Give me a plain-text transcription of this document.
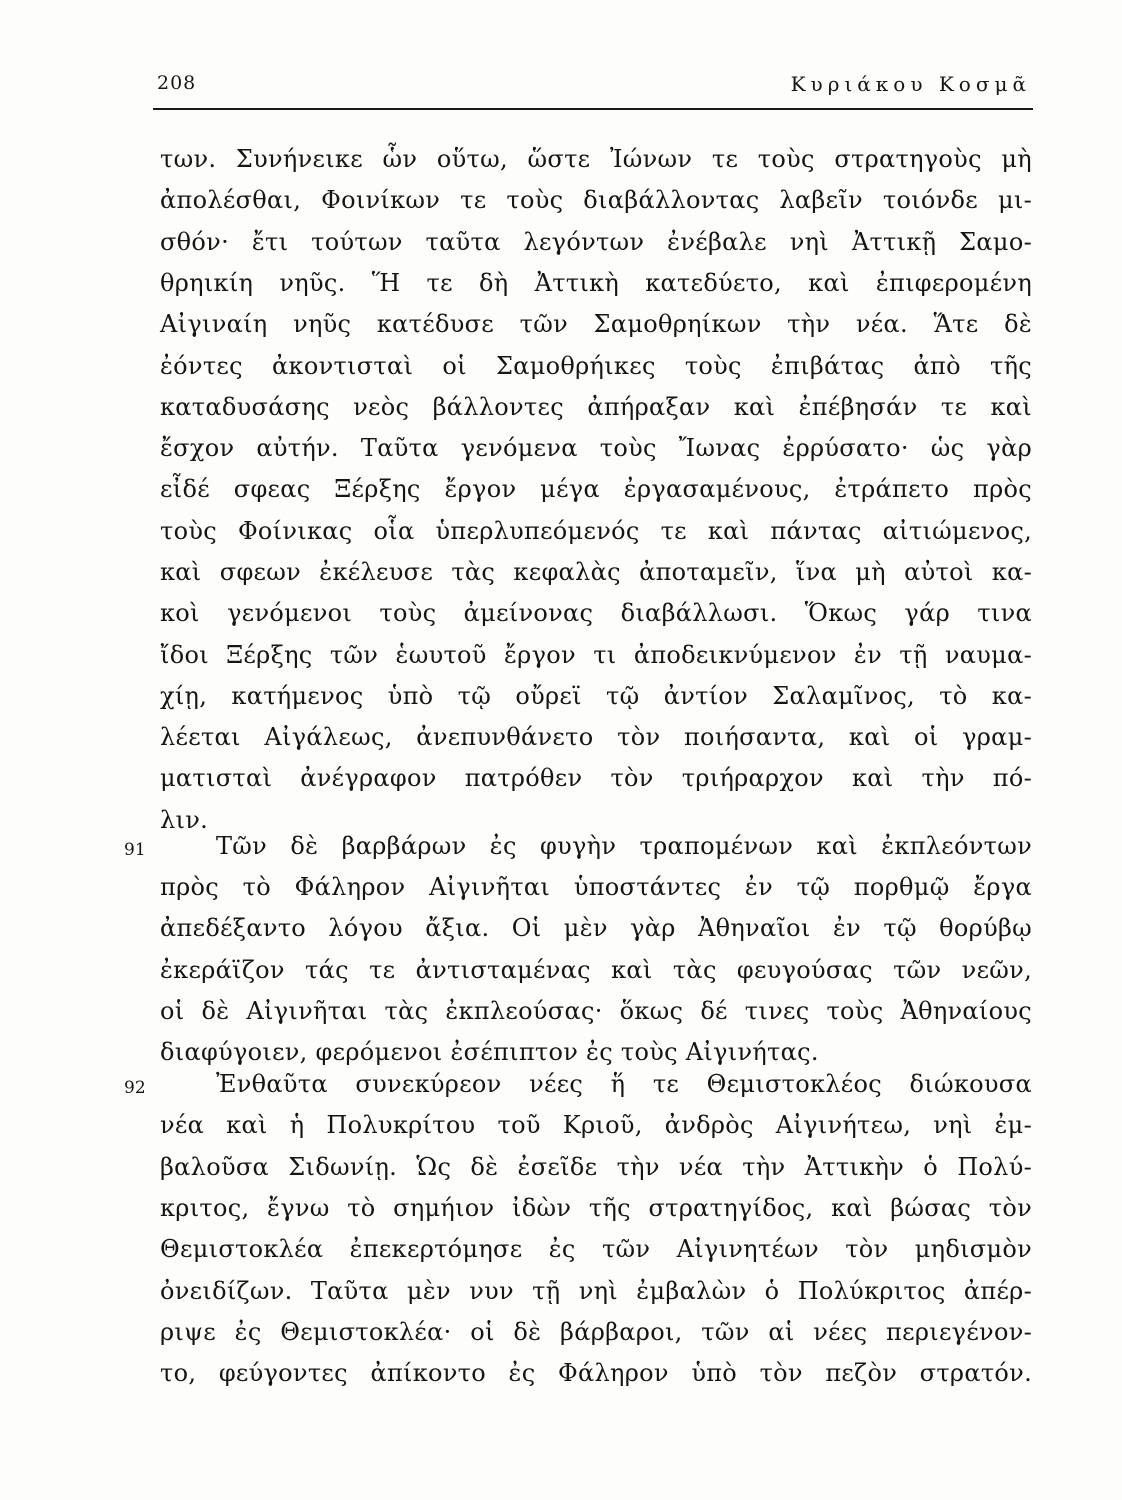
208	Κυριάκου Κοσμᾶ
των. Συνήνεικε ὧν οὕτω, ὥστε Ἰώνων τε τοὺς στρατηγοὺς μὴ
ἀπολέσθαι, Φοινίκων τε τοὺς διαβάλλοντας λαβεῖν τοιόνδε μι-
σθόν· ἔτι τούτων ταῦτα λεγόντων ἐνέβαλε νηὶ Ἀττικῇ Σαμο-
θρηικίη νηῦς. Ἥ τε δὴ Ἀττικὴ κατεδύετο, καὶ ἐπιφερομένη
Αἰγιναίη νηῦς κατέδυσε τῶν Σαμοθρηίκων τὴν νέα. Ἅτε δὲ
ἐόντες ἀκοντισταὶ οἱ Σαμοθρήικες τοὺς ἐπιβάτας ἀπὸ τῆς
καταδυσάσης νεὸς βάλλοντες ἀπήραξαν καὶ ἐπέβησάν τε καὶ
ἔσχον αὐτήν. Ταῦτα γενόμενα τοὺς Ἴωνας ἐρρύσατο· ὡς γὰρ
εἶδέ σφεας Ξέρξης ἔργον μέγα ἐργασαμένους, ἐτράπετο πρὸς
τοὺς Φοίνικας οἷα ὑπερλυπεόμενός τε καὶ πάντας αἰτιώμενος,
καὶ σφεων ἐκέλευσε τὰς κεφαλὰς ἀποταμεῖν, ἵνα μὴ αὐτοὶ κα-
κοὶ γενόμενοι τοὺς ἀμείνονας διαβάλλωσι. Ὅκως γάρ τινα
ἴδοι Ξέρξης τῶν ἑωυτοῦ ἔργον τι ἀποδεικνύμενον ἐν τῇ ναυμα-
χίῃ, κατήμενος ὑπὸ τῷ οὔρεϊ τῷ ἀντίον Σαλαμῖνος, τὸ κα-
λέεται Αἰγάλεως, ἀνεπυνθάνετο τὸν ποιήσαντα, καὶ οἱ γραμ-
ματισταὶ ἀνέγραφον πατρόθεν τὸν τριήραρχον καὶ τὴν πό-
λιν.
91	Τῶν δὲ βαρβάρων ἐς φυγὴν τραπομένων καὶ ἐκπλεόντων
πρὸς τὸ Φάληρον Αἰγινῆται ὑποστάντες ἐν τῷ πορθμῷ ἔργα
ἀπεδέξαντο λόγου ἄξια. Οἱ μὲν γὰρ Ἀθηναῖοι ἐν τῷ θορύβῳ
ἐκεράϊζον τάς τε ἀντισταμένας καὶ τὰς φευγούσας τῶν νεῶν,
οἱ δὲ Αἰγινῆται τὰς ἐκπλεούσας· ὅκως δέ τινες τοὺς Ἀθηναίους
διαφύγοιεν, φερόμενοι ἐσέπιπτον ἐς τοὺς Αἰγινήτας.
92	Ἐνθαῦτα συνεκύρεον νέες ἥ τε Θεμιστοκλέος διώκουσα
νέα καὶ ἡ Πολυκρίτου τοῦ Κριοῦ, ἀνδρὸς Αἰγινήτεω, νηὶ ἐμ-
βαλοῦσα Σιδωνίῃ. Ὡς δὲ ἐσεῖδε τὴν νέα τὴν Ἀττικὴν ὁ Πολύ-
κριτος, ἔγνω τὸ σημήιον ἰδὼν τῆς στρατηγίδος, καὶ βώσας τὸν
Θεμιστοκλέα ἐπεκερτόμησε ἐς τῶν Αἰγινητέων τὸν μηδισμὸν
ὀνειδίζων. Ταῦτα μὲν νυν τῇ νηὶ ἐμβαλὼν ὁ Πολύκριτος ἀπέρ-
ριψε ἐς Θεμιστοκλέα· οἱ δὲ βάρβαροι, τῶν αἱ νέες περιεγένον-
το, φεύγοντες ἀπίκοντο ἐς Φάληρον ὑπὸ τὸν πεζὸν στρατόν.
